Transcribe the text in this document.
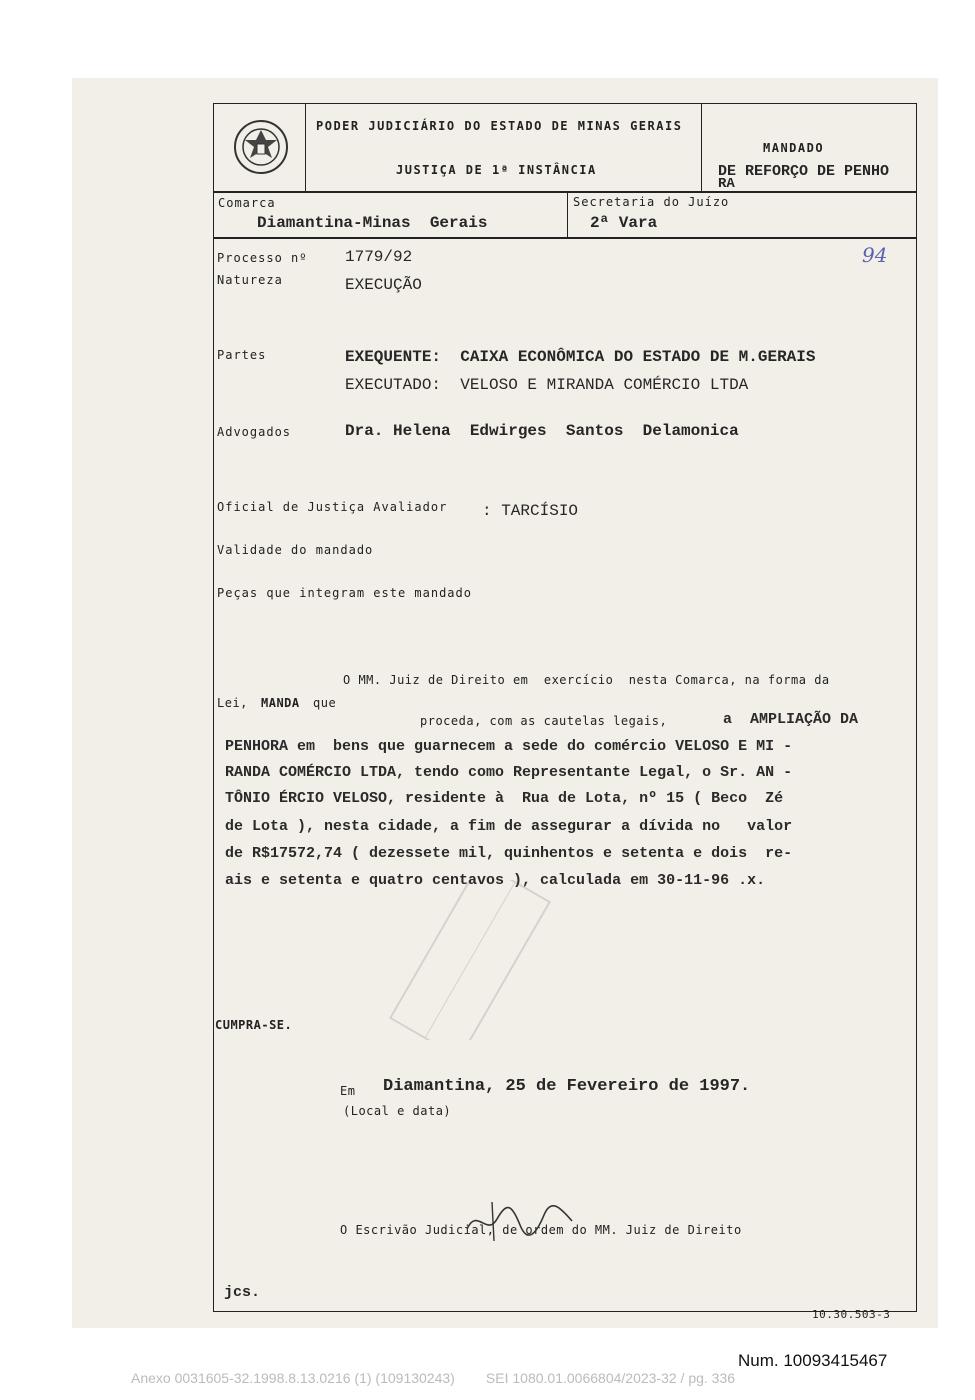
PODER JUDICIÁRIO DO ESTADO DE MINAS GERAIS
JUSTIÇA DE 1ª INSTÂNCIA
MANDADO
DE REFORÇO DE PENHO
RA
Comarca
Diamantina-Minas  Gerais
Secretaria do Juízo
2ª Vara
Processo nº 1779/92
Natureza	EXECUÇÃO
94
Partes	EXEQUENTE:  CAIXA ECONÔMICA DO ESTADO DE M.GERAIS
EXECUTADO:  VELOSO E MIRANDA COMÉRCIO LTDA
Advogados	Dra. Helena  Edwirges  Santos  Delamonica
Oficial de Justiça Avaliador : TARCÍSIO
Validade do mandado
Peças que integram este mandado
O MM. Juiz de Direito em  exercício  nesta Comarca, na forma da
Lei, MANDA que
proceda, com as cautelas legais,	a  AMPLIAÇÃO DA
PENHORA em  bens que guarnecem a sede do comércio VELOSO E MI -
RANDA COMÉRCIO LTDA, tendo como Representante Legal, o Sr. AN -
TÔNIO ÉRCIO VELOSO, residente à  Rua de Lota, nº 15 ( Beco  Zé
de Lota ), nesta cidade, a fim de assegurar a dívida no   valor
de R$17572,74 ( dezessete mil, quinhentos e setenta e dois  re-
ais e setenta e quatro centavos ), calculada em 30-11-96 .x.
CUMPRA-SE.
Em Diamantina, 25 de Fevereiro de 1997.
(Local e data)
O Escrivão Judicial, de ordem do MM. Juiz de Direito
jcs.
10.30.503-3
Num. 10093415467
Anexo 0031605-32.1998.8.13.0216 (1) (109130243)        SEI 1080.01.0066804/2023-32 / pg. 336
